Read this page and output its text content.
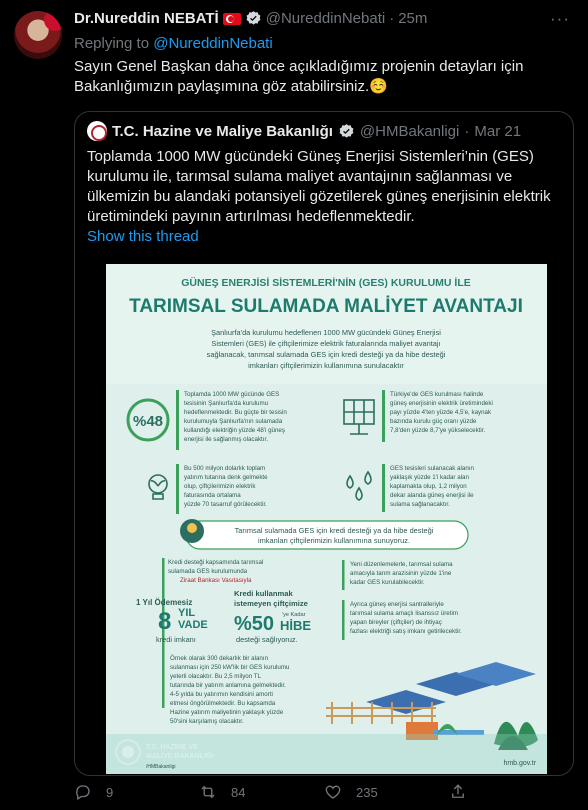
Dr.Nureddin NEBATİ	@NureddinNebati · 25m	···
Replying to @NureddinNebati
Sayın Genel Başkan daha önce açıkladığımız projenin detayları için Bakanlığımızın paylaşımına göz atabilirsiniz.☺️
T.C. Hazine ve Maliye Bakanlığı @HMBakanligi · Mar 21
Toplamda 1000 MW gücündeki Güneş Enerjisi Sistemleri’nin (GES) kurulumu ile, tarımsal sulama maliyet avantajının sağlanması ve ülkemizin bu alandaki potansiyeli gözetilerek güneş enerjisinin elektrik üretimindeki payının artırılması hedeflenmektedir.
Show this thread
GÜNEŞ ENERJİSİ SİSTEMLERİ'NİN (GES) KURULUMU İLE
TARIMSAL SULAMADA MALİYET AVANTAJI
Şanlıurfa'da kurulumu hedeflenen 1000 MW gücündeki Güneş Enerjisi
Sistemleri (GES) ile çiftçilerimize elektrik faturalarında maliyet avantajı
sağlanacak, tarımsal sulamada GES için kredi desteği ya da hibe desteği
imkanları çiftçilerimizin kullanımına sunulacaktır
%48
Toplamda 1000 MW gücünde GES
tesisinin Şanlıurfa'da kurulumu
hedeflenmektedir. Bu güçte bir tesisin
kurulumuyla Şanlıurfa'nın sulamada
kullandığı elektriğin yüzde 48'i güneş
enerjisi ile sağlanmış olacaktır.
Türkiye'de GES kurulması halinde
güneş enerjisinin elektrik üretimindeki
payı yüzde 4'ten yüzde 4,5'e, kaynak
bazında kurulu güç oranı yüzde
7,8'den yüzde 8,7'ye yükselecektir.
Bu 500 milyon dolarlık toplam
yatırım tutarına denk gelmekte
olup, çiftçilerimizin elektrik
faturasında ortalama
yüzde 70 tasarruf görülecektir.
GES tesisleri sulanacak alanın
yaklaşık yüzde 1'i kadar alan
kaplamakta olup, 1,2 milyon
dekar alanda güneş enerjisi ile
sulama sağlanacaktır.
Tarımsal sulamada GES için kredi desteği ya da hibe desteği
imkanları çiftçilerimizin kullanımına sunuyoruz.
Kredi desteği kapsamında tarımsal
sulamada GES kurulumunda
Ziraat Bankası Vasıtasıyla
1 Yıl Ödemesiz
8 YIL
VADE
kredi imkanı
Kredi kullanmak
istemeyen çiftçimize
'ye Kadar
%50 HİBE
desteği sağlıyoruz.
Örnek olarak 300 dekarlık bir alanın
sulanması için 250 kW'lik bir GES kurulumu
yeterli olacaktır. Bu 2,5 milyon TL
tutarında bir yatırım anlamına gelmektedir.
4-5 yılda bu yatırımın kendisini amorti
etmesi öngörülmektedir. Bu kapsamda
Hazine yatırım maliyetinin yaklaşık yüzde
50'sini karşılamış olacaktır.
Yeni düzenlemelerle, tarımsal sulama
amacıyla tarım arazisinin yüzde 1'ine
kadar GES kurulabilecektir.
Ayrıca güneş enerjisi santralleriyle
tarımsal sulama amaçlı lisanssız üretim
yapan bireyler (çiftçiler) de ihtiyaç
fazlası elektriği satış imkanı getirilecektir.
T.C. HAZİNE VE
MALİYE BAKANLIĞI
/HMBakanligi	hmb.gov.tr
9	84	235
